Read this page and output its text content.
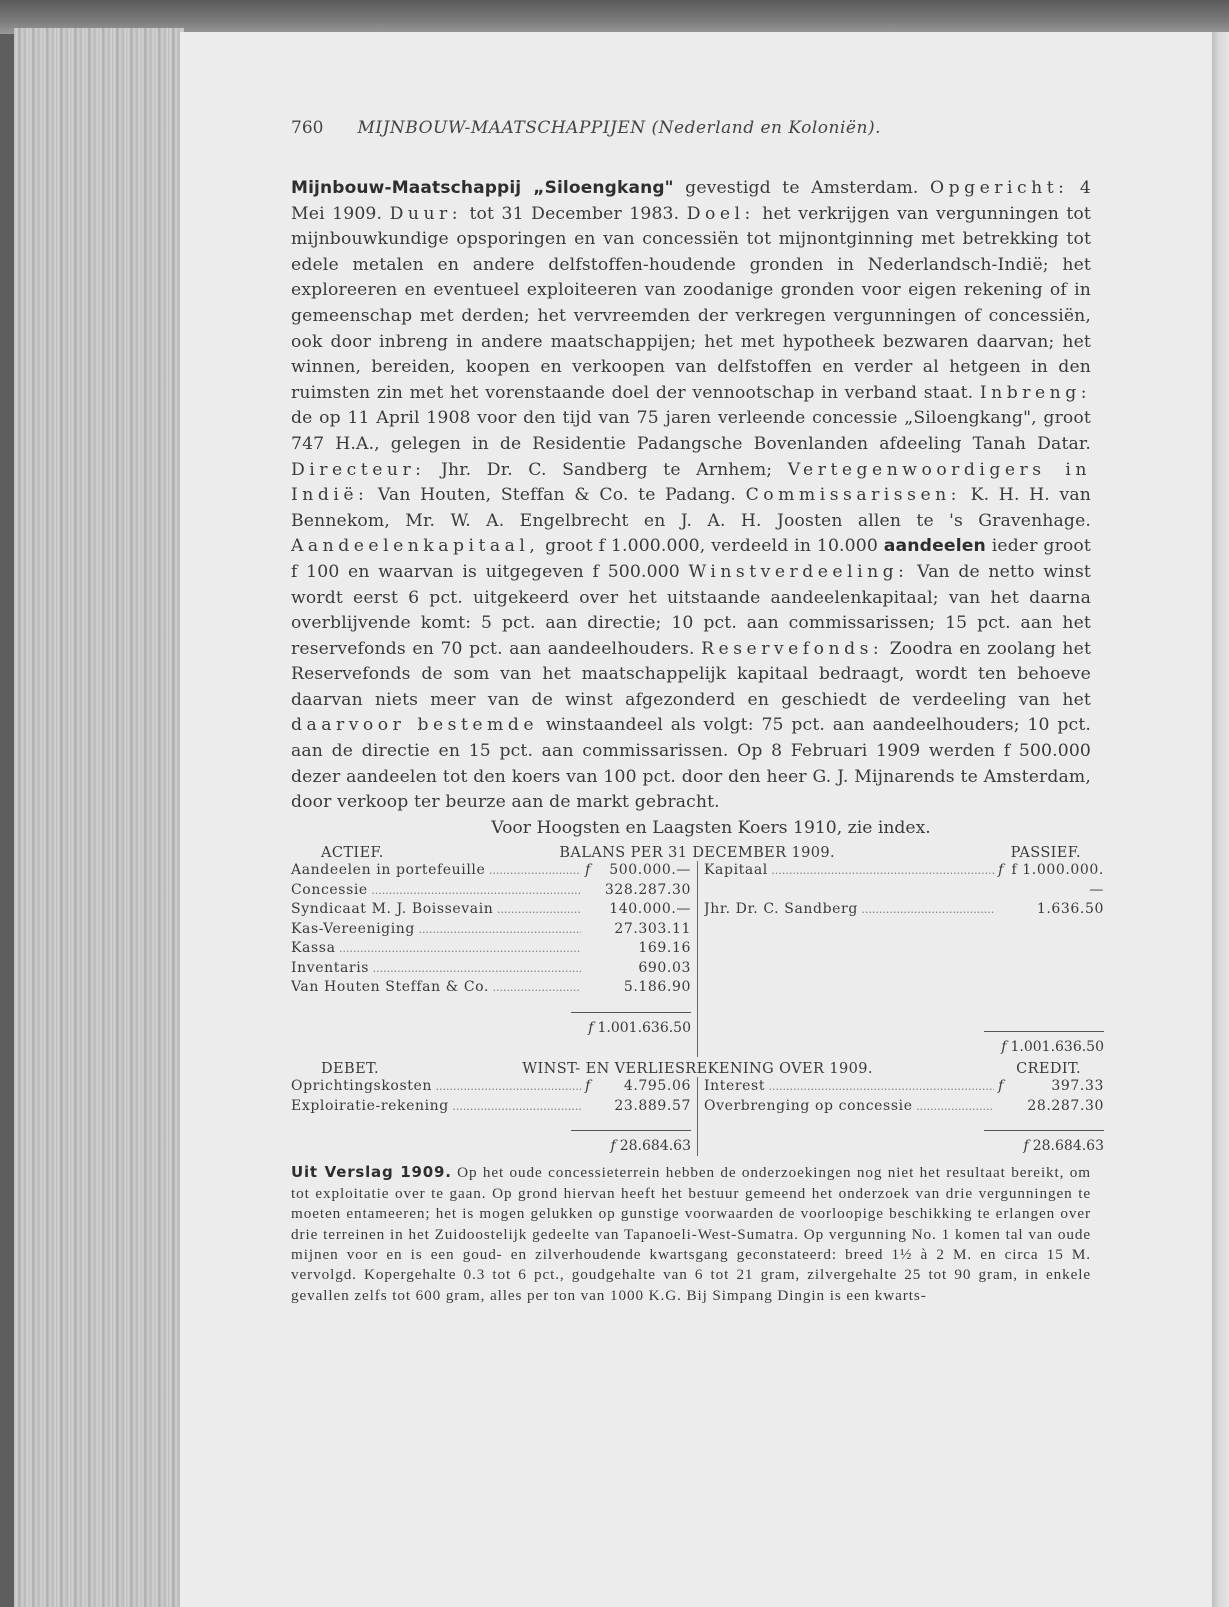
760 MIJNBOUW-MAATSCHAPPIJEN (Nederland en Koloniën).
Mijnbouw-Maatschappij „Siloengkang" gevestigd te Amsterdam. Opgericht: 4 Mei 1909. Duur: tot 31 December 1983. Doel: het verkrijgen van vergunningen tot mijnbouwkundige opsporingen en van concessiën tot mijnontginning met betrekking tot edele metalen en andere delfstoffen-houdende gronden in Nederlandsch-Indië; het exploreeren en eventueel exploiteeren van zoodanige gronden voor eigen rekening of in gemeenschap met derden; het vervreemden der verkregen vergunningen of concessiën, ook door inbreng in andere maatschappijen; het met hypotheek bezwaren daarvan; het winnen, bereiden, koopen en verkoopen van delfstoffen en verder al hetgeen in den ruimsten zin met het vorenstaande doel der vennootschap in verband staat. Inbreng: de op 11 April 1908 voor den tijd van 75 jaren verleende concessie „Siloengkang", groot 747 H.A., gelegen in de Residentie Padangsche Bovenlanden afdeeling Tanah Datar. Directeur: Jhr. Dr. C. Sandberg te Arnhem; Vertegenwoordigers in Indië: Van Houten, Steffan & Co. te Padang. Commissarissen: K. H. H. van Bennekom, Mr. W. A. Engelbrecht en J. A. H. Joosten allen te 's Gravenhage. Aandeelenkapitaal, groot f 1.000.000, verdeeld in 10.000 aandeelen ieder groot f 100 en waarvan is uitgegeven f 500.000 Winstverdeeling: Van de netto winst wordt eerst 6 pct. uitgekeerd over het uitstaande aandeelenkapitaal; van het daarna overblijvende komt: 5 pct. aan directie; 10 pct. aan commissarissen; 15 pct. aan het reservefonds en 70 pct. aan aandeelhouders. Reservefonds: Zoodra en zoolang het Reservefonds de som van het maatschappelijk kapitaal bedraagt, wordt ten behoeve daarvan niets meer van de winst afgezonderd en geschiedt de verdeeling van het daarvoor bestemde winstaandeel als volgt: 75 pct. aan aandeelhouders; 10 pct. aan de directie en 15 pct. aan commissarissen. Op 8 Februari 1909 werden f 500.000 dezer aandeelen tot den koers van 100 pct. door den heer G. J. Mijnarends te Amsterdam, door verkoop ter beurze aan de markt gebracht.
Voor Hoogsten en Laagsten Koers 1910, zie index.
ACTIEF.	BALANS PER 31 DECEMBER 1909.	PASSIEF.
Aandeelen in portefeuille .....	f	500.000.—
Concessie .....	328.287.30
Syndicaat M. J. Boissevain .....	140.000.—
Kas-Vereeniging .....	27.303.11
Kassa .....	169.16
Inventaris .....	690.03
Van Houten Steffan & Co. .....	5.186.90
f 1.001.636.50
Kapitaal .....	f f 1.000.000.—
Jhr. Dr. C. Sandberg .....	1.636.50
f 1.001.636.50
DEBET.	WINST- EN VERLIESREKENING OVER 1909.	CREDIT.
Oprichtingskosten .....	f	4.795.06
Exploiratie-rekening .....	23.889.57
f 28.684.63
Interest .....	f	397.33
Overbrenging op concessie .....	28.287.30
f 28.684.63
Uit Verslag 1909. Op het oude concessieterrein hebben de onderzoekingen nog niet het resultaat bereikt, om tot exploitatie over te gaan. Op grond hiervan heeft het bestuur gemeend het onderzoek van drie vergunningen te moeten entameeren; het is mogen gelukken op gunstige voorwaarden de voorloopige beschikking te erlangen over drie terreinen in het Zuidoostelijk gedeelte van Tapanoeli-West-Sumatra. Op vergunning No. 1 komen tal van oude mijnen voor en is een goud- en zilverhoudende kwartsgang geconstateerd: breed 1½ à 2 M. en circa 15 M. vervolgd. Kopergehalte 0.3 tot 6 pct., goudgehalte van 6 tot 21 gram, zilvergehalte 25 tot 90 gram, in enkele gevallen zelfs tot 600 gram, alles per ton van 1000 K.G. Bij Simpang Dingin is een kwarts-
